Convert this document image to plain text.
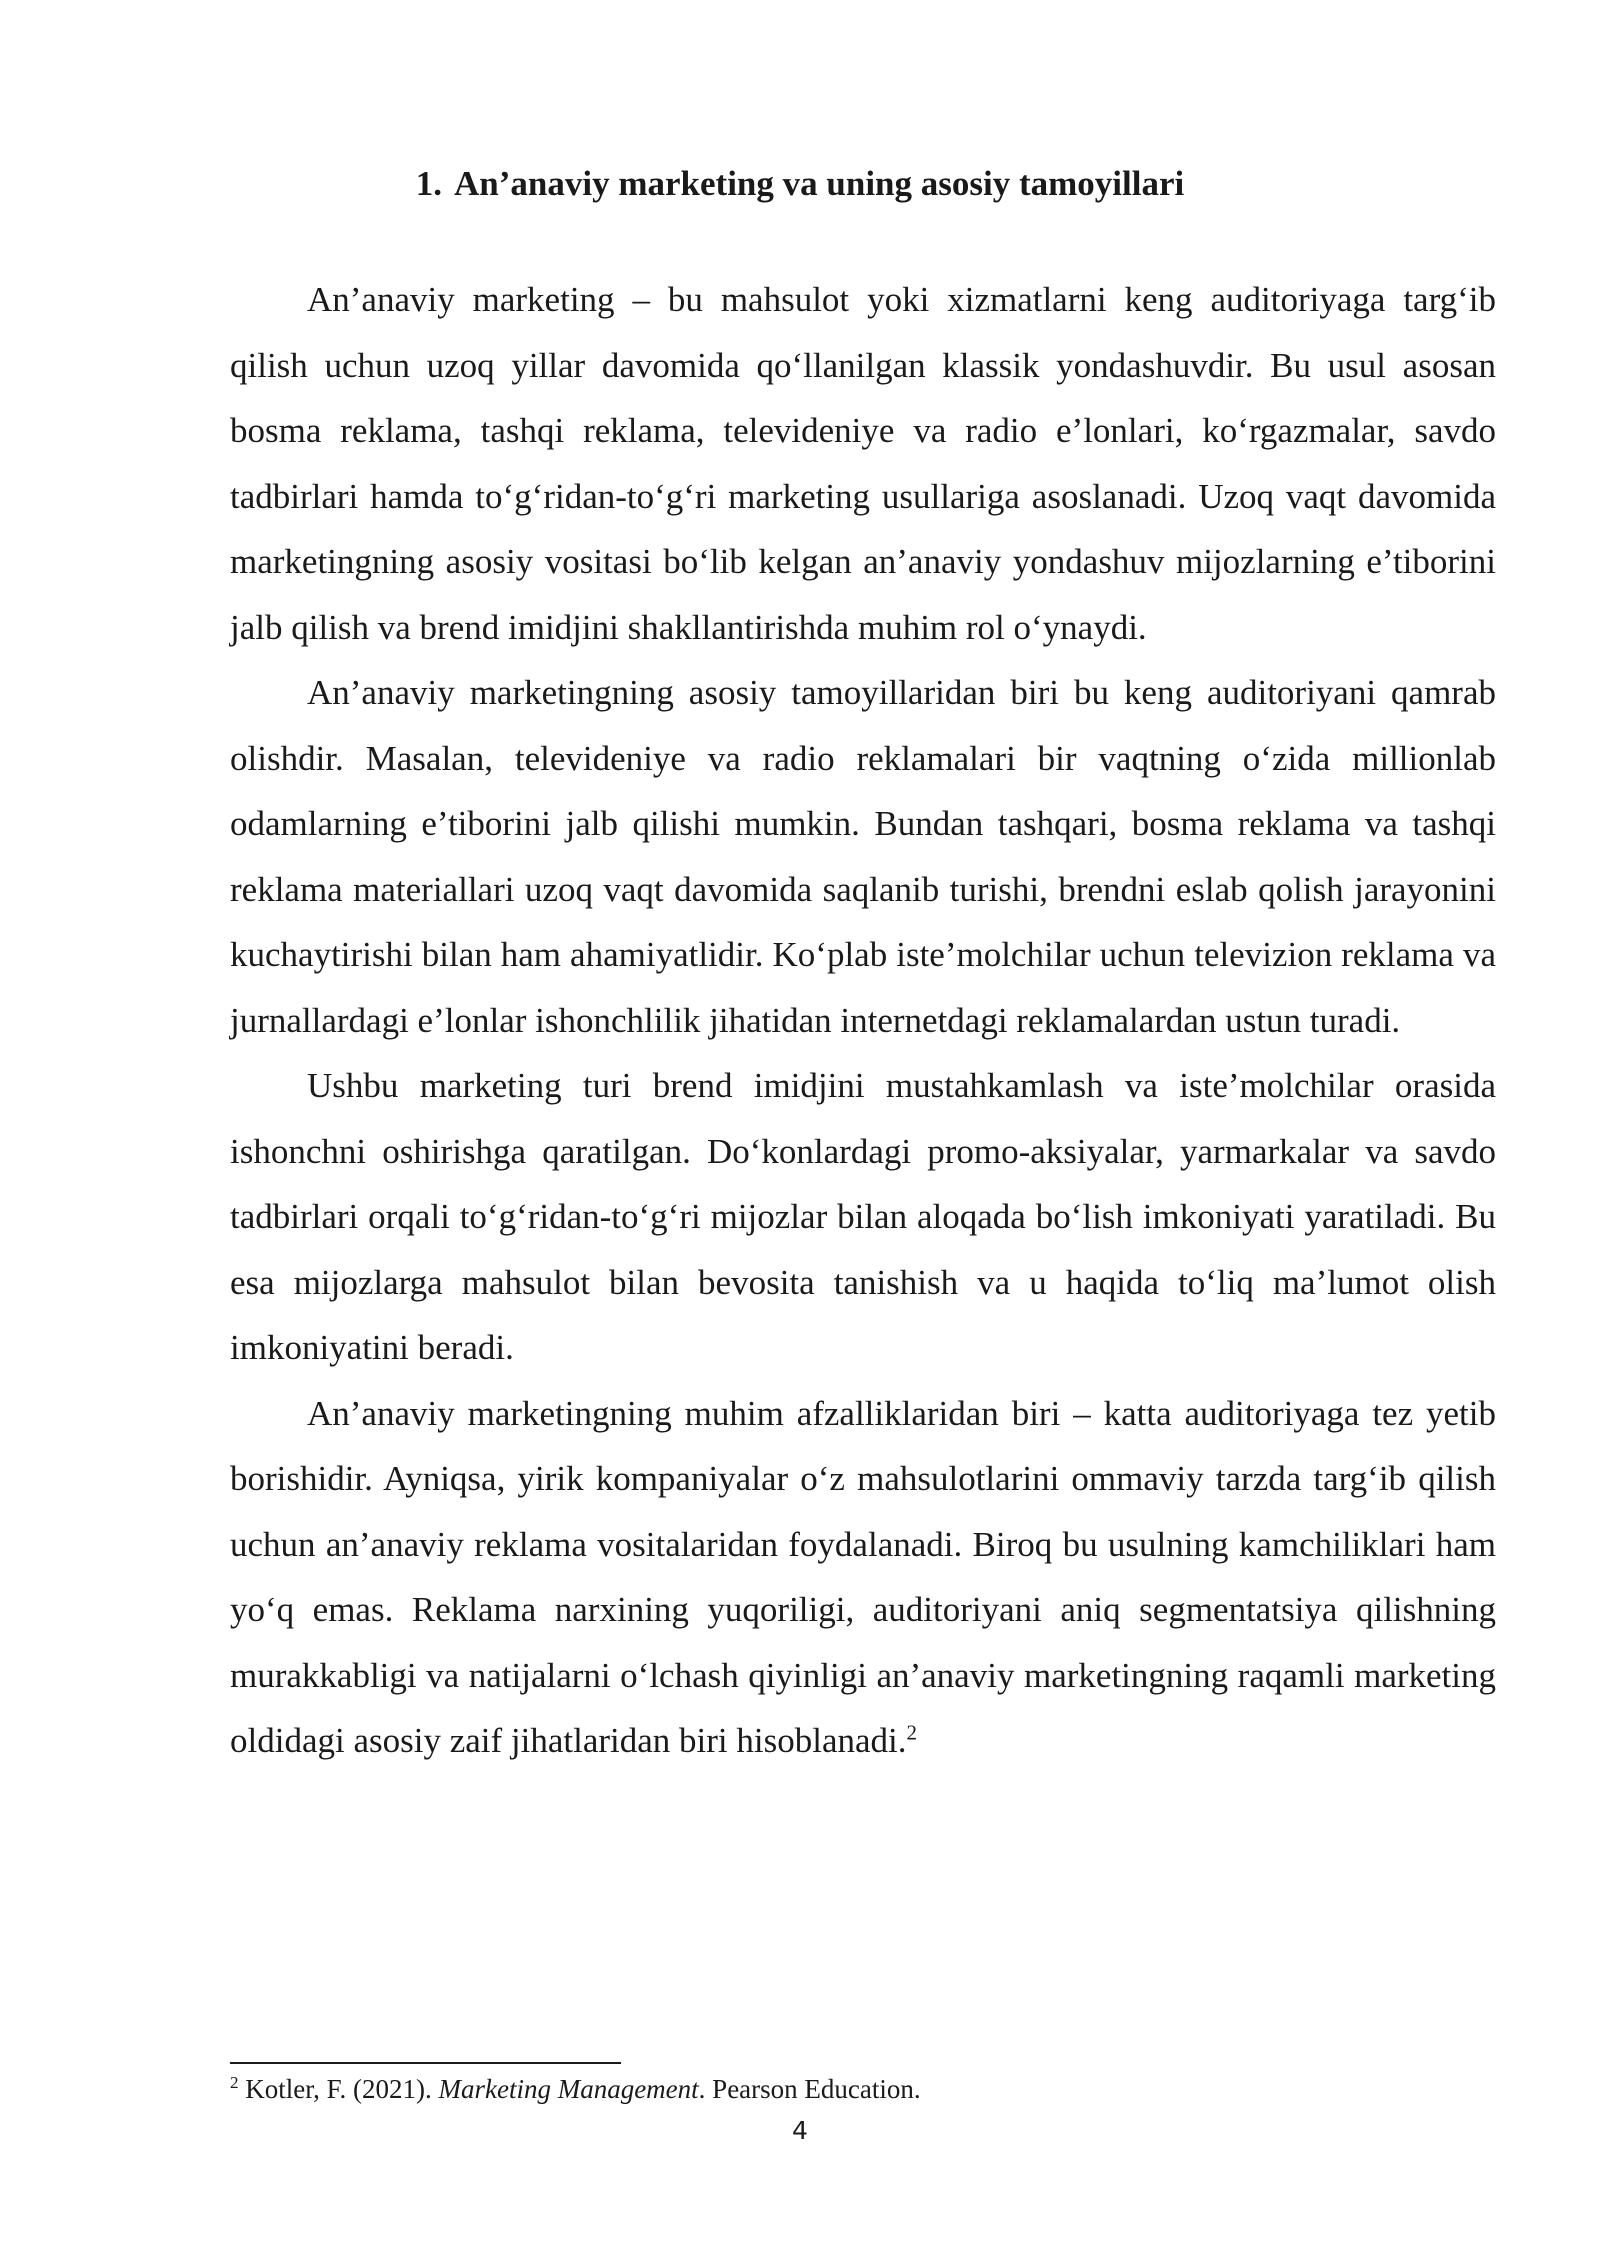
1. An’anaviy marketing va uning asosiy tamoyillari

An’anaviy marketing – bu mahsulot yoki xizmatlarni keng auditoriyaga targ‘ib qilish uchun uzoq yillar davomida qo‘llanilgan klassik yondashuvdir. Bu usul asosan bosma reklama, tashqi reklama, televideniye va radio e’lonlari, ko‘rgazmalar, savdo tadbirlari hamda to‘g‘ridan-to‘g‘ri marketing usullariga asoslanadi. Uzoq vaqt davomida marketingning asosiy vositasi bo‘lib kelgan an’anaviy yondashuv mijozlarning e’tiborini jalb qilish va brend imidjini shakllantirishda muhim rol o‘ynaydi.

An’anaviy marketingning asosiy tamoyillaridan biri bu keng auditoriyani qamrab olishdir. Masalan, televideniye va radio reklamalari bir vaqtning o‘zida millionlab odamlarning e’tiborini jalb qilishi mumkin. Bundan tashqari, bosma reklama va tashqi reklama materiallari uzoq vaqt davomida saqlanib turishi, brendni eslab qolish jarayonini kuchaytirishi bilan ham ahamiyatlidir. Ko‘plab iste’molchilar uchun televizion reklama va jurnallardagi e’lonlar ishonchlilik jihatidan internetdagi reklamalardan ustun turadi.

Ushbu marketing turi brend imidjini mustahkamlash va iste’molchilar orasida ishonchni oshirishga qaratilgan. Do‘konlardagi promo-aksiyalar, yarmarkalar va savdo tadbirlari orqali to‘g‘ridan-to‘g‘ri mijozlar bilan aloqada bo‘lish imkoniyati yaratiladi. Bu esa mijozlarga mahsulot bilan bevosita tanishish va u haqida to‘liq ma’lumot olish imkoniyatini beradi.

An’anaviy marketingning muhim afzalliklaridan biri – katta auditoriyaga tez yetib borishidir. Ayniqsa, yirik kompaniyalar o‘z mahsulotlarini ommaviy tarzda targ‘ib qilish uchun an’anaviy reklama vositalaridan foydalanadi. Biroq bu usulning kamchiliklari ham yo‘q emas. Reklama narxining yuqoriligi, auditoriyani aniq segmentatsiya qilishning murakkabligi va natijalarni o‘lchash qiyinligi an’anaviy marketingning raqamli marketing oldidagi asosiy zaif jihatlaridan biri hisoblanadi.$^2$

$^2$ Kotler, F. (2021). Marketing Management. Pearson Education.
4
